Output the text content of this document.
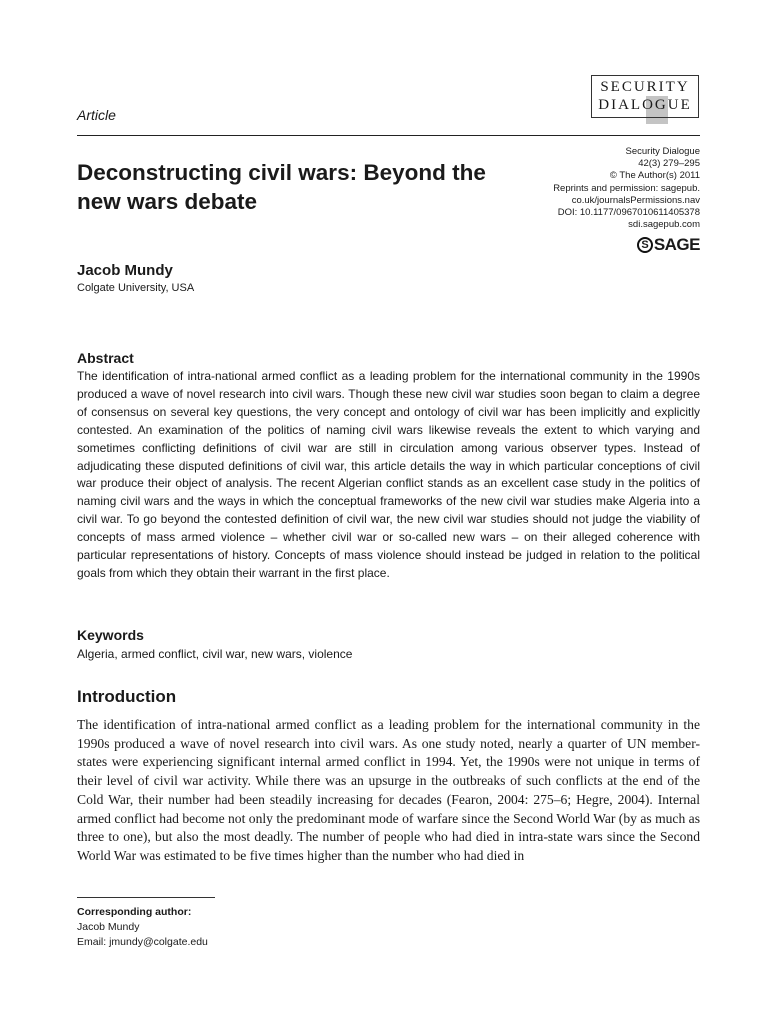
Article
SECURITY
DIALOGUE
Security Dialogue
42(3) 279–295
© The Author(s) 2011
Reprints and permission: sagepub.
co.uk/journalsPermissions.nav
DOI: 10.1177/0967010611405378
sdi.sagepub.com
S SAGE
Deconstructing civil wars: Beyond the new wars debate
Jacob Mundy
Colgate University, USA
Abstract

The identification of intra-national armed conflict as a leading problem for the international community in the 1990s produced a wave of novel research into civil wars. Though these new civil war studies soon began to claim a degree of consensus on several key questions, the very concept and ontology of civil war has been implicitly and explicitly contested. An examination of the politics of naming civil wars likewise reveals the extent to which varying and sometimes conflicting definitions of civil war are still in circulation among various observer types. Instead of adjudicating these disputed definitions of civil war, this article details the way in which particular conceptions of civil war produce their object of analysis. The recent Algerian conflict stands as an excellent case study in the politics of naming civil wars and the ways in which the conceptual frameworks of the new civil war studies make Algeria into a civil war. To go beyond the contested definition of civil war, the new civil war studies should not judge the viability of concepts of mass armed violence – whether civil war or so-called new wars – on their alleged coherence with particular representations of history. Concepts of mass violence should instead be judged in relation to the political goals from which they obtain their warrant in the first place.

Keywords

Algeria, armed conflict, civil war, new wars, violence

Introduction

The identification of intra-national armed conflict as a leading problem for the international community in the 1990s produced a wave of novel research into civil wars. As one study noted, nearly a quarter of UN member-states were experiencing significant internal armed conflict in 1994. Yet, the 1990s were not unique in terms of their level of civil war activity. While there was an upsurge in the outbreaks of such conflicts at the end of the Cold War, their number had been steadily increasing for decades (Fearon, 2004: 275–6; Hegre, 2004). Internal armed conflict had become not only the predominant mode of warfare since the Second World War (by as much as three to one), but also the most deadly. The number of people who had died in intra-state wars since the Second World War was estimated to be five times higher than the number who had died in

Corresponding author:
Jacob Mundy
Email: jmundy@colgate.edu
